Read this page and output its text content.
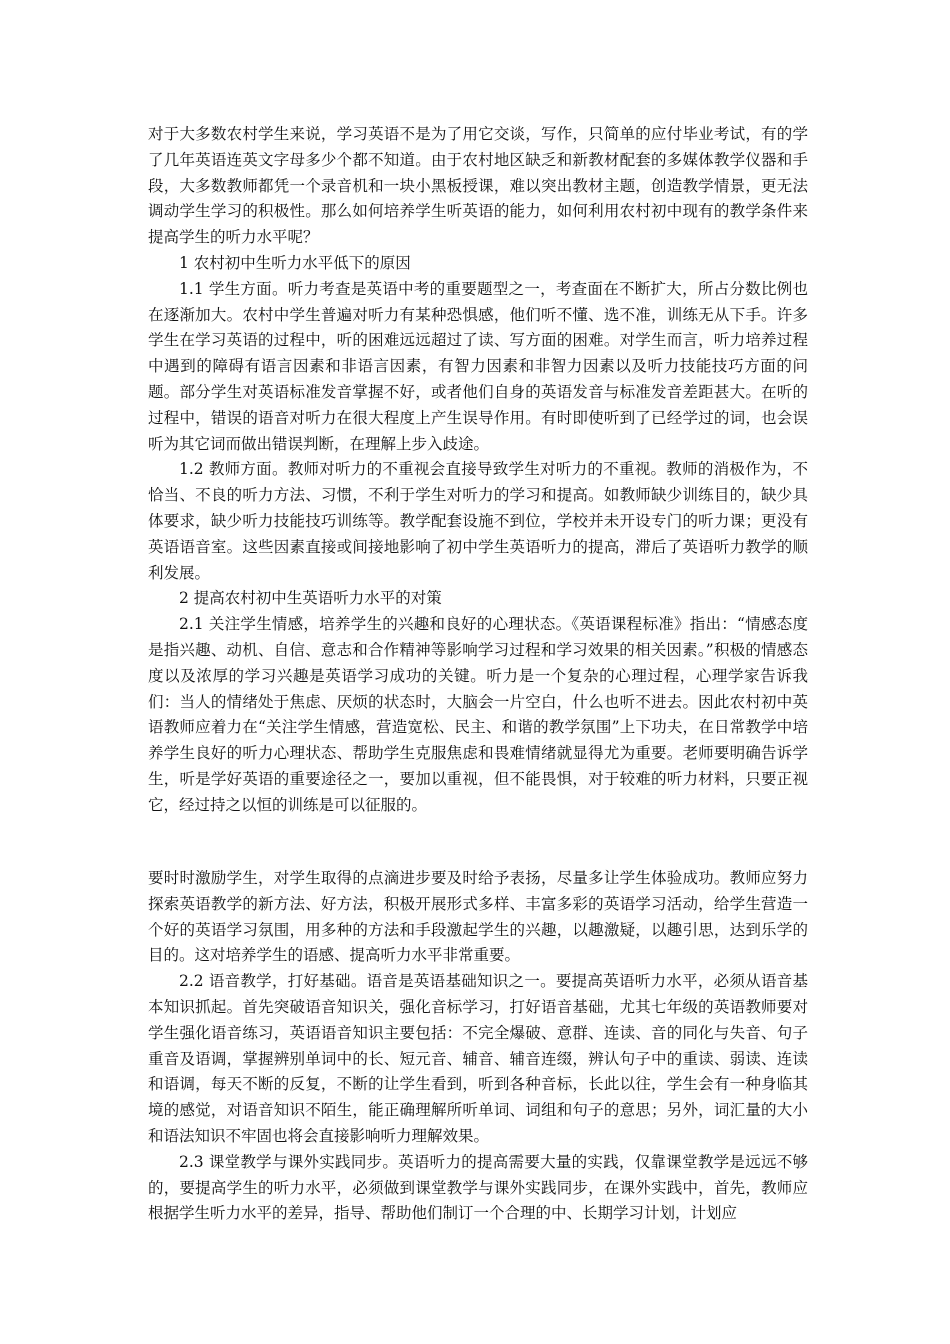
对于大多数农村学生来说，学习英语不是为了用它交谈，写作，只简单的应付毕业考试，有的学了几年英语连英文字母多少个都不知道。由于农村地区缺乏和新教材配套的多媒体教学仪器和手段，大多数教师都凭一个录音机和一块小黑板授课，难以突出教材主题，创造教学情景，更无法调动学生学习的积极性。那么如何培养学生听英语的能力，如何利用农村初中现有的教学条件来提高学生的听力水平呢？

1 农村初中生听力水平低下的原因

1.1 学生方面。听力考查是英语中考的重要题型之一，考查面在不断扩大，所占分数比例也在逐渐加大。农村中学生普遍对听力有某种恐惧感，他们听不懂、选不准，训练无从下手。许多学生在学习英语的过程中，听的困难远远超过了读、写方面的困难。对学生而言，听力培养过程中遇到的障碍有语言因素和非语言因素，有智力因素和非智力因素以及听力技能技巧方面的问题。部分学生对英语标准发音掌握不好，或者他们自身的英语发音与标准发音差距甚大。在听的过程中，错误的语音对听力在很大程度上产生误导作用。有时即使听到了已经学过的词，也会误听为其它词而做出错误判断，在理解上步入歧途。

1.2 教师方面。教师对听力的不重视会直接导致学生对听力的不重视。教师的消极作为，不恰当、不良的听力方法、习惯，不利于学生对听力的学习和提高。如教师缺少训练目的，缺少具体要求，缺少听力技能技巧训练等。教学配套设施不到位，学校并未开设专门的听力课；更没有英语语音室。这些因素直接或间接地影响了初中学生英语听力的提高，滞后了英语听力教学的顺利发展。

2 提高农村初中生英语听力水平的对策

2.1 关注学生情感，培养学生的兴趣和良好的心理状态。《英语课程标准》指出：“情感态度是指兴趣、动机、自信、意志和合作精神等影响学习过程和学习效果的相关因素。”积极的情感态度以及浓厚的学习兴趣是英语学习成功的关键。听力是一个复杂的心理过程，心理学家告诉我们：当人的情绪处于焦虑、厌烦的状态时，大脑会一片空白，什么也听不进去。因此农村初中英语教师应着力在“关注学生情感，营造宽松、民主、和谐的教学氛围”上下功夫，在日常教学中培养学生良好的听力心理状态、帮助学生克服焦虑和畏难情绪就显得尤为重要。老师要明确告诉学生，听是学好英语的重要途径之一，要加以重视，但不能畏惧，对于较难的听力材料，只要正视它，经过持之以恒的训练是可以征服的。

要时时激励学生，对学生取得的点滴进步要及时给予表扬，尽量多让学生体验成功。教师应努力探索英语教学的新方法、好方法，积极开展形式多样、丰富多彩的英语学习活动，给学生营造一个好的英语学习氛围，用多种的方法和手段激起学生的兴趣，以趣激疑，以趣引思，达到乐学的目的。这对培养学生的语感、提高听力水平非常重要。

2.2 语音教学，打好基础。语音是英语基础知识之一。要提高英语听力水平，必须从语音基本知识抓起。首先突破语音知识关，强化音标学习，打好语音基础，尤其七年级的英语教师要对学生强化语音练习，英语语音知识主要包括：不完全爆破、意群、连读、音的同化与失音、句子重音及语调，掌握辨别单词中的长、短元音、辅音、辅音连缀，辨认句子中的重读、弱读、连读和语调，每天不断的反复，不断的让学生看到，听到各种音标，长此以往，学生会有一种身临其境的感觉，对语音知识不陌生，能正确理解所听单词、词组和句子的意思；另外，词汇量的大小和语法知识不牢固也将会直接影响听力理解效果。

2.3 课堂教学与课外实践同步。英语听力的提高需要大量的实践，仅靠课堂教学是远远不够的，要提高学生的听力水平，必须做到课堂教学与课外实践同步，在课外实践中，首先，教师应根据学生听力水平的差异，指导、帮助他们制订一个合理的中、长期学习计划，计划应
